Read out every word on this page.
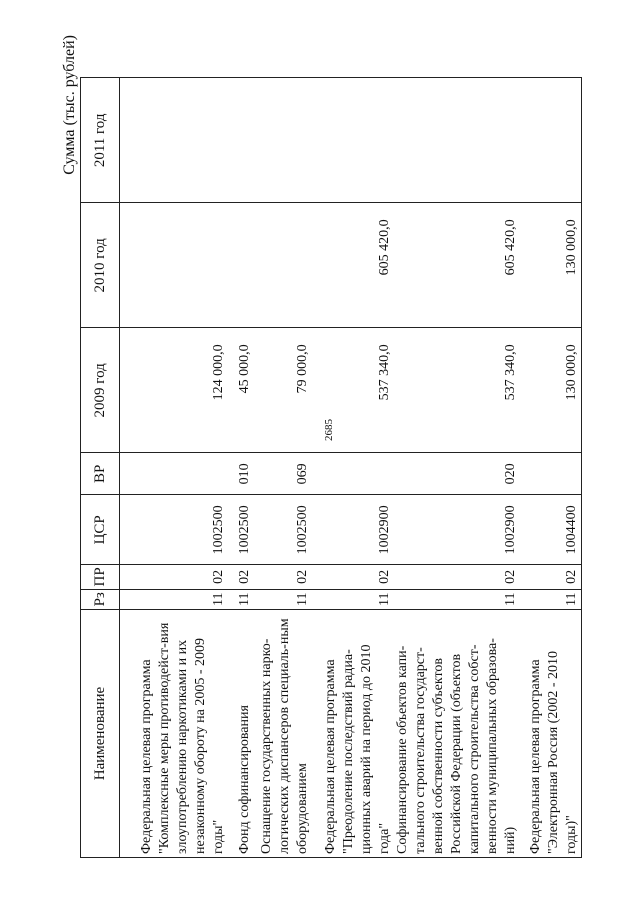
2685
Сумма (тыс. рублей)
Наименование	Рз	ПР	ЦСР	ВР	2009 год	2010 год	2011 год
Федеральная целевая программа "Комплексные меры противодейст-вия злоупотреблению наркотиками и их незаконному обороту на 2005 - 2009 годы"	11	02	1002500		124 000,0		
Фонд софинансирования	11	02	1002500	010	45 000,0		
Оснащение государственных нарко-логических диспансеров специаль-ным оборудованием	11	02	1002500	069	79 000,0		
Федеральная целевая программа "Преодоление последствий радиа-ционных аварий на период до 2010 года"	11	02	1002900		537 340,0	605 420,0	
Софинансирование объектов капи-тального строительства государст-венной собственности субъектов Российской Федерации (объектов капитального строительства собст-венности муниципальных образова-ний)	11	02	1002900	020	537 340,0	605 420,0	
Федеральная целевая программа "Электронная Россия (2002 - 2010 годы)"	11	02	1004400		130 000,0	130 000,0	
